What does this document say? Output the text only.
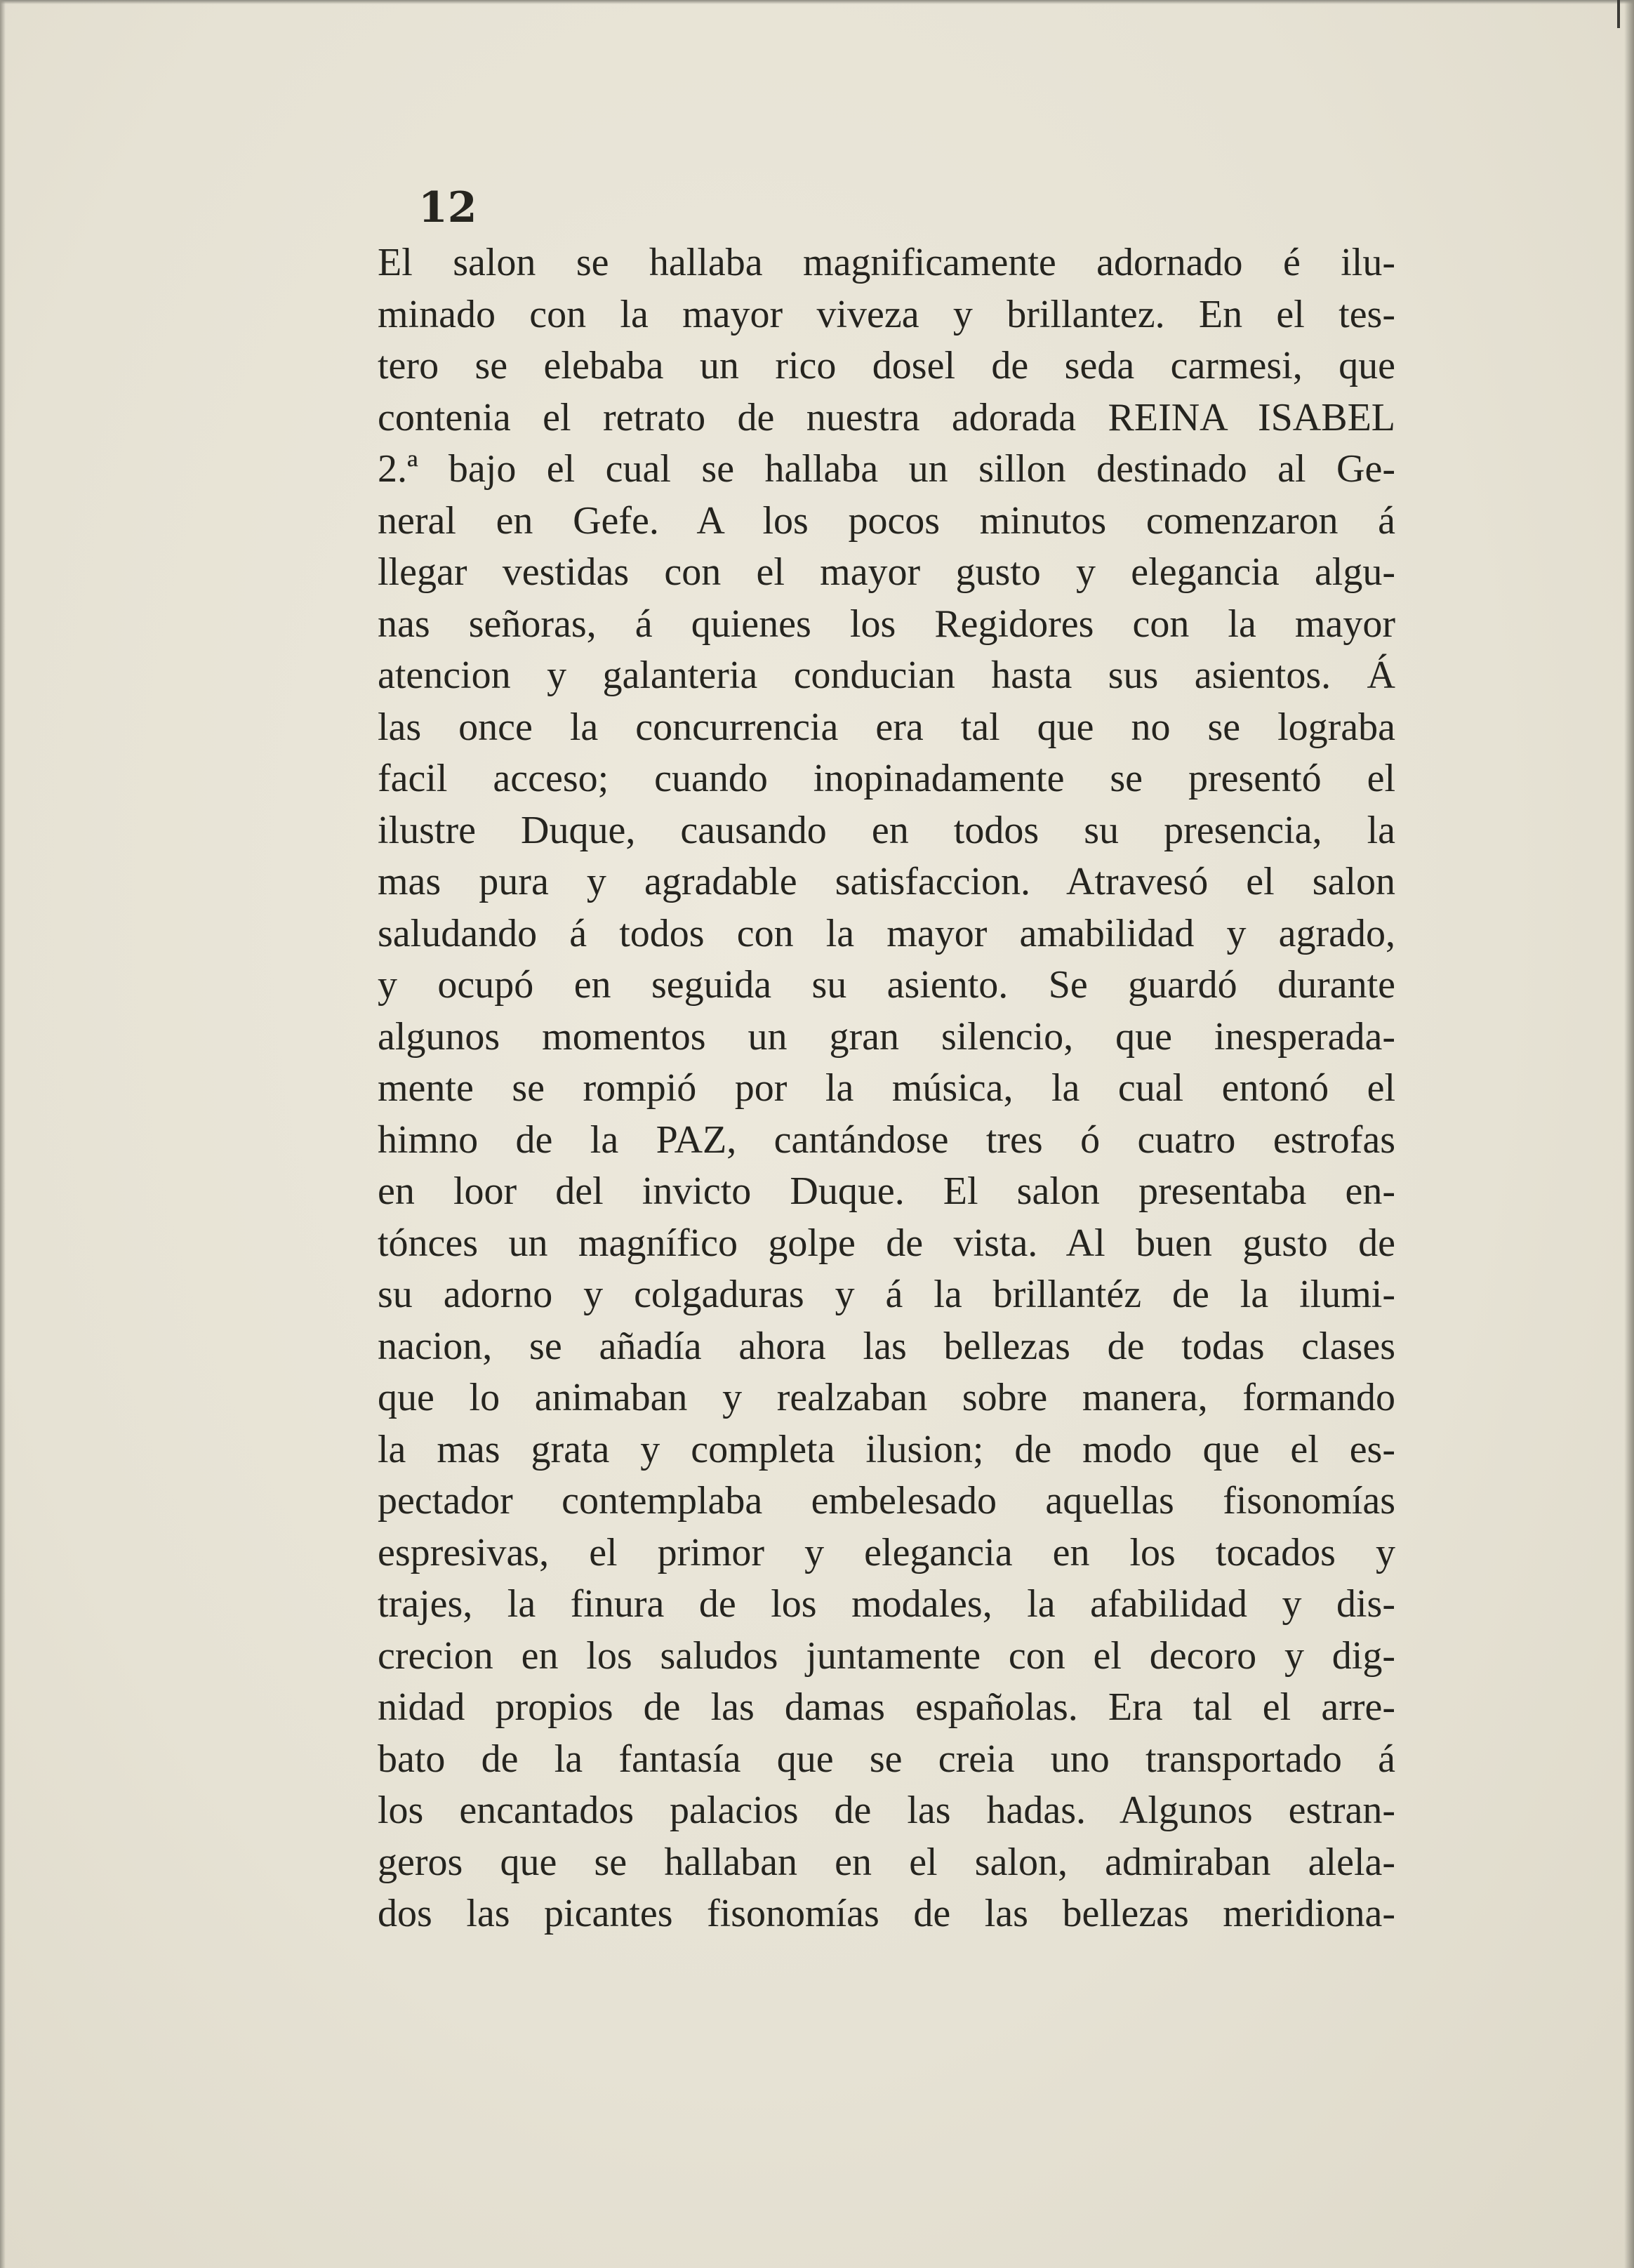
12
El salon se hallaba magnificamente adornado é ilu-
minado con la mayor viveza y brillantez. En el tes-
tero se elebaba un rico dosel de seda carmesi, que
contenia el retrato de nuestra adorada REINA ISABEL
2.ª bajo el cual se hallaba un sillon destinado al Ge-
neral en Gefe. A los pocos minutos comenzaron á
llegar vestidas con el mayor gusto y elegancia algu-
nas señoras, á quienes los Regidores con la mayor
atencion y galanteria conducian hasta sus asientos. Á
las once la concurrencia era tal que no se lograba
facil acceso; cuando inopinadamente se presentó el
ilustre Duque, causando en todos su presencia, la
mas pura y agradable satisfaccion. Atravesó el salon
saludando á todos con la mayor amabilidad y agrado,
y ocupó en seguida su asiento. Se guardó durante
algunos momentos un gran silencio, que inesperada-
mente se rompió por la música, la cual entonó el
himno de la PAZ, cantándose tres ó cuatro estrofas
en loor del invicto Duque. El salon presentaba en-
tónces un magnífico golpe de vista. Al buen gusto de
su adorno y colgaduras y á la brillantéz de la ilumi-
nacion, se añadía ahora las bellezas de todas clases
que lo animaban y realzaban sobre manera, formando
la mas grata y completa ilusion; de modo que el es-
pectador contemplaba embelesado aquellas fisonomías
espresivas, el primor y elegancia en los tocados y
trajes, la finura de los modales, la afabilidad y dis-
crecion en los saludos juntamente con el decoro y dig-
nidad propios de las damas españolas. Era tal el arre-
bato de la fantasía que se creia uno transportado á
los encantados palacios de las hadas. Algunos estran-
geros que se hallaban en el salon, admiraban alela-
dos las picantes fisonomías de las bellezas meridiona-
